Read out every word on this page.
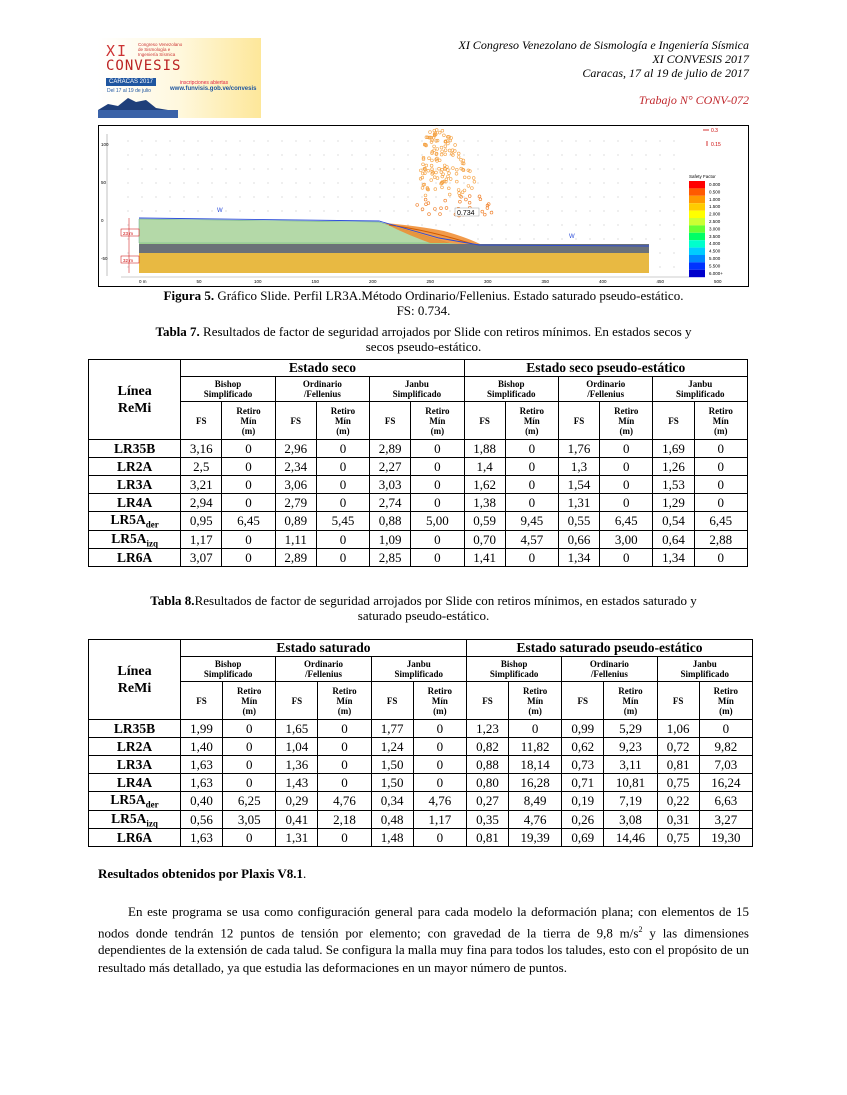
XI Congreso Venezolano de Sismología e Ingeniería Sísmica
CONVESIS
CARACAS 2017
Del 17 al 19 de julio
inscripciones abiertas
www.funvisis.gob.ve/convesis
XI Congreso Venezolano de Sismología e Ingeniería Sísmica
XI CONVESIS 2017
Caracas, 17 al 19 de julio de 2017
Trabajo N° CONV-072
W
W
23 m
32 m
0.734
0.3
0.15
Safety Factor
0.000
0.500
1.000
1.500
2.000
2.500
3.000
3.500
4.000
4.500
5.000
5.500
6.000+
0 m	50	100	150	200	250	300	350	400	450	500
100
50
0
-50
Figura 5. Gráfico Slide. Perfil LR3A.Método Ordinario/Fellenius. Estado saturado pseudo-estático.
FS: 0.734.
Tabla 7. Resultados de factor de seguridad arrojados por Slide con retiros mínimos. En estados secos y
secos pseudo-estático.
Línea
ReMi	Estado seco						Estado seco pseudo-estático					
	Bishop
Simplificado		Ordinario
/Fellenius		Janbu
Simplificado		Bishop
Simplificado		Ordinario
/Fellenius		Janbu
Simplificado	
	FS	Retiro
Mín
(m)	FS	Retiro
Mín
(m)	FS	Retiro
Mín
(m)	FS	Retiro
Mín
(m)	FS	Retiro
Mín
(m)	FS	Retiro
Mín
(m)
LR35B	3,16	0	2,96	0	2,89	0	1,88	0	1,76	0	1,69	0
LR2A	2,5	0	2,34	0	2,27	0	1,4	0	1,3	0	1,26	0
LR3A	3,21	0	3,06	0	3,03	0	1,62	0	1,54	0	1,53	0
LR4A	2,94	0	2,79	0	2,74	0	1,38	0	1,31	0	1,29	0
$LR5A_{der}$	0,95	6,45	0,89	5,45	0,88	5,00	0,59	9,45	0,55	6,45	0,54	6,45
$LR5A_{izq}$	1,17	0	1,11	0	1,09	0	0,70	4,57	0,66	3,00	0,64	2,88
LR6A	3,07	0	2,89	0	2,85	0	1,41	0	1,34	0	1,34	0
Tabla 8.Resultados de factor de seguridad arrojados por Slide con retiros mínimos, en estados saturado y
saturado pseudo-estático.
Línea
ReMi	Estado saturado						Estado saturado pseudo-estático					
	Bishop
Simplificado		Ordinario
/Fellenius		Janbu
Simplificado		Bishop
Simplificado		Ordinario
/Fellenius		Janbu
Simplificado	
	FS	Retiro
Mín
(m)	FS	Retiro
Mín
(m)	FS	Retiro
Mín
(m)	FS	Retiro
Mín
(m)	FS	Retiro
Mín
(m)	FS	Retiro
Mín
(m)
LR35B	1,99	0	1,65	0	1,77	0	1,23	0	0,99	5,29	1,06	0
LR2A	1,40	0	1,04	0	1,24	0	0,82	11,82	0,62	9,23	0,72	9,82
LR3A	1,63	0	1,36	0	1,50	0	0,88	18,14	0,73	3,11	0,81	7,03
LR4A	1,63	0	1,43	0	1,50	0	0,80	16,28	0,71	10,81	0,75	16,24
$LR5A_{der}$	0,40	6,25	0,29	4,76	0,34	4,76	0,27	8,49	0,19	7,19	0,22	6,63
$LR5A_{izq}$	0,56	3,05	0,41	2,18	0,48	1,17	0,35	4,76	0,26	3,08	0,31	3,27
LR6A	1,63	0	1,31	0	1,48	0	0,81	19,39	0,69	14,46	0,75	19,30
Resultados obtenidos por Plaxis V8.1.
En este programa se usa como configuración general para cada modelo la deformación plana; con elementos de 15 nodos donde tendrán 12 puntos de tensión por elemento; con gravedad de la tierra de 9,8 $m/s^2$ y las dimensiones dependientes de la extensión de cada talud. Se configura la malla muy fina para todos los taludes, esto con el propósito de un resultado más detallado, ya que estudia las deformaciones en un mayor número de puntos.
